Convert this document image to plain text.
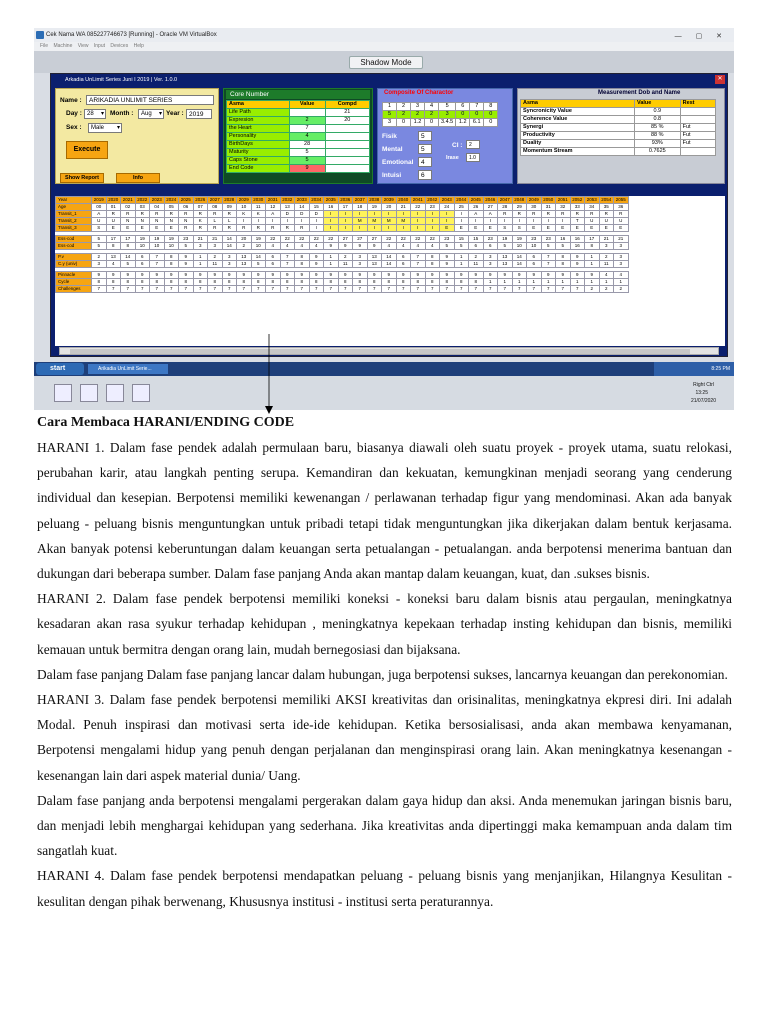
Cek Nama WA 085227746673 [Running] - Oracle VM VirtualBox	— ▢ ✕
File Machine View Input Devices Help
Shadow Mode
Arkadia UnLimit Series Juni I 2019 | Ver. 1.0.0	✕
Name :	ARIKADIA UNLIMIT SERIES
Day : 28 ▾	Month :	Aug ▾	Year : 2019
Sex :	Male ▾
Execute
Show Report	Info
Core Number
Asma	Value	Compd
Life Path		21
Expresion	2	20
the Heart	7	
Personality	4	
BirthDays	28	
Maturity	5	
Caps Stone	5	
End Code	9	
Composite Of Charactor
1	2	3	4	5	6	7	8
5	2	2	2	3	0	0	0
3	0	1.2	0	3.4.5	1.2	6.1	0
Fisik	5
Mental	5
Emotional	4
Intuisi	6
CI :	2
Irase	1.0
Measurement Dob and Name
Asma	Value	Rest
Syncronicity Value	0.9	
Coherence Value	0.8	
Synergi	85 %	Fut
Productivity	88 %	Fut
Duality	93%	Fut
Momentum Stream	0.7625	
Year	2019	2020	2021	2022	2023	2024	2025	2026	2027	2028	2029	2030	2031	2032	2033	2034	2035	2036	2037	2038	2039	2040	2041	2042	2043	2044	2045	2046	2047	2048	2049	2050	2051	2052	2053	2054	2055
Age	00	01	02	03	04	05	06	07	08	09	10	11	12	13	14	15	16	17	18	19	20	21	22	23	24	25	26	27	28	29	30	31	32	33	34	35	36
Transit_1	A	R	R	R	R	R	R	R	R	R	K	K	A	D	D	D	I	I	I	I	I	I	I	I	I	I	A	A	R	R	R	R	R	R	R	R	R
Transit_2	U	U	N	N	N	N	N	K	L	L	I	I	I	I	I	I	I	I	M	M	M	M	I	I	I	I	I	I	I	I	I	I	I	T	U	U	U
Transit_3	S	E	E	E	E	E	R	R	R	R	R	R	R	R	R	I	I	I	I	I	I	I	I	I	E	E	E	E	S	S	E	E	E	E	E	E	E

Ess-cod	5	17	17	19	19	19	23	21	21	14	20	19	22	22	22	22	22	27	27	27	22	22	22	22	23	15	15	23	19	19	23	23	16	16	17	21	21
Ess-cod	5	8	8	10	10	10	5	3	3	14	2	10	4	4	4	4	9	9	9	9	4	4	4	4	5	5	6	6	5	10	10	5	5	16	8	3	3

P.v	2	13	14	6	7	8	9	1	2	3	13	14	6	7	8	9	1	2	3	13	14	6	7	8	9	1	2	3	13	14	6	7	8	9	1	2	3
C.y (univ)	3	4	5	6	7	8	9	1	11	3	13	5	6	7	8	9	1	11	3	13	14	6	7	8	9	1	11	3	13	14	6	7	8	9	1	11	3

Pinnacle	9	9	9	9	9	9	9	9	9	9	9	9	9	9	9	9	9	9	9	9	9	9	9	9	9	9	9	9	9	9	9	9	9	9	9	4	4
Cycle	8	8	8	8	8	8	8	8	8	8	8	8	8	8	8	8	8	8	8	8	8	8	8	8	8	8	8	1	1	1	1	1	1	1	1	1	1
Challenges	7	7	7	7	7	7	7	7	7	7	7	7	7	7	7	7	7	7	7	7	7	7	7	7	7	7	7	7	7	7	7	7	7	7	2	2	2
start	Arikadia UnLimit Serie...	8:25 PM
Right Ctrl
13:25
21/07/2020
Cara Membaca HARANI/ENDING CODE

HARANI 1. Dalam fase pendek adalah permulaan baru, biasanya diawali oleh suatu proyek - proyek utama, suatu relokasi, perubahan karir, atau langkah penting serupa. Kemandiran dan kekuatan, kemungkinan menjadi seorang yang cenderung individual dan kesepian. Berpotensi memiliki kewenangan / perlawanan terhadap figur yang mendominasi. Akan ada banyak peluang - peluang bisnis menguntungkan untuk pribadi tetapi tidak menguntungkan jika dikerjakan dalam bentuk kerjasama. Akan banyak potensi keberuntungan dalam keuangan serta petualangan - petualangan. anda berpotensi menerima bantuan dan dukungan dari beberapa sumber. Dalam fase panjang Anda akan mantap dalam keuangan, kuat, dan .sukses bisnis.

HARANI 2. Dalam fase pendek berpotensi memiliki koneksi - koneksi baru dalam bisnis atau pergaulan, meningkatnya kesadaran akan rasa syukur terhadap kehidupan , meningkatnya kepekaan terhadap insting kehidupan dan bisnis, memiliki kemauan untuk bermitra dengan orang lain, mudah bernegosiasi dan bijaksana.

Dalam fase panjang Dalam fase panjang lancar dalam hubungan, juga berpotensi sukses, lancarnya keuangan dan perekonomian.

HARANI 3. Dalam fase pendek berpotensi memiliki AKSI kreativitas dan orisinalitas, meningkatnya ekpresi diri. Ini adalah Modal. Penuh inspirasi dan motivasi serta ide-ide kehidupan. Ketika bersosialisasi, anda akan membawa kenyamanan, Berpotensi mengalami hidup yang penuh dengan perjalanan dan menginspirasi orang lain. Akan meningkatnya kesenangan - kesenangan lain dari aspek material dunia/ Uang.

Dalam fase panjang anda berpotensi mengalami pergerakan dalam gaya hidup dan aksi. Anda menemukan jaringan bisnis baru, dan menjadi lebih menghargai kehidupan yang sederhana. Jika kreativitas anda dipertinggi maka kemampuan anda dalam tim sangatlah kuat.

HARANI 4. Dalam fase pendek berpotensi mendapatkan peluang - peluang bisnis yang menjanjikan, Hilangnya Kesulitan - kesulitan dengan pihak berwenang, Khususnya institusi - institusi serta peraturannya.
